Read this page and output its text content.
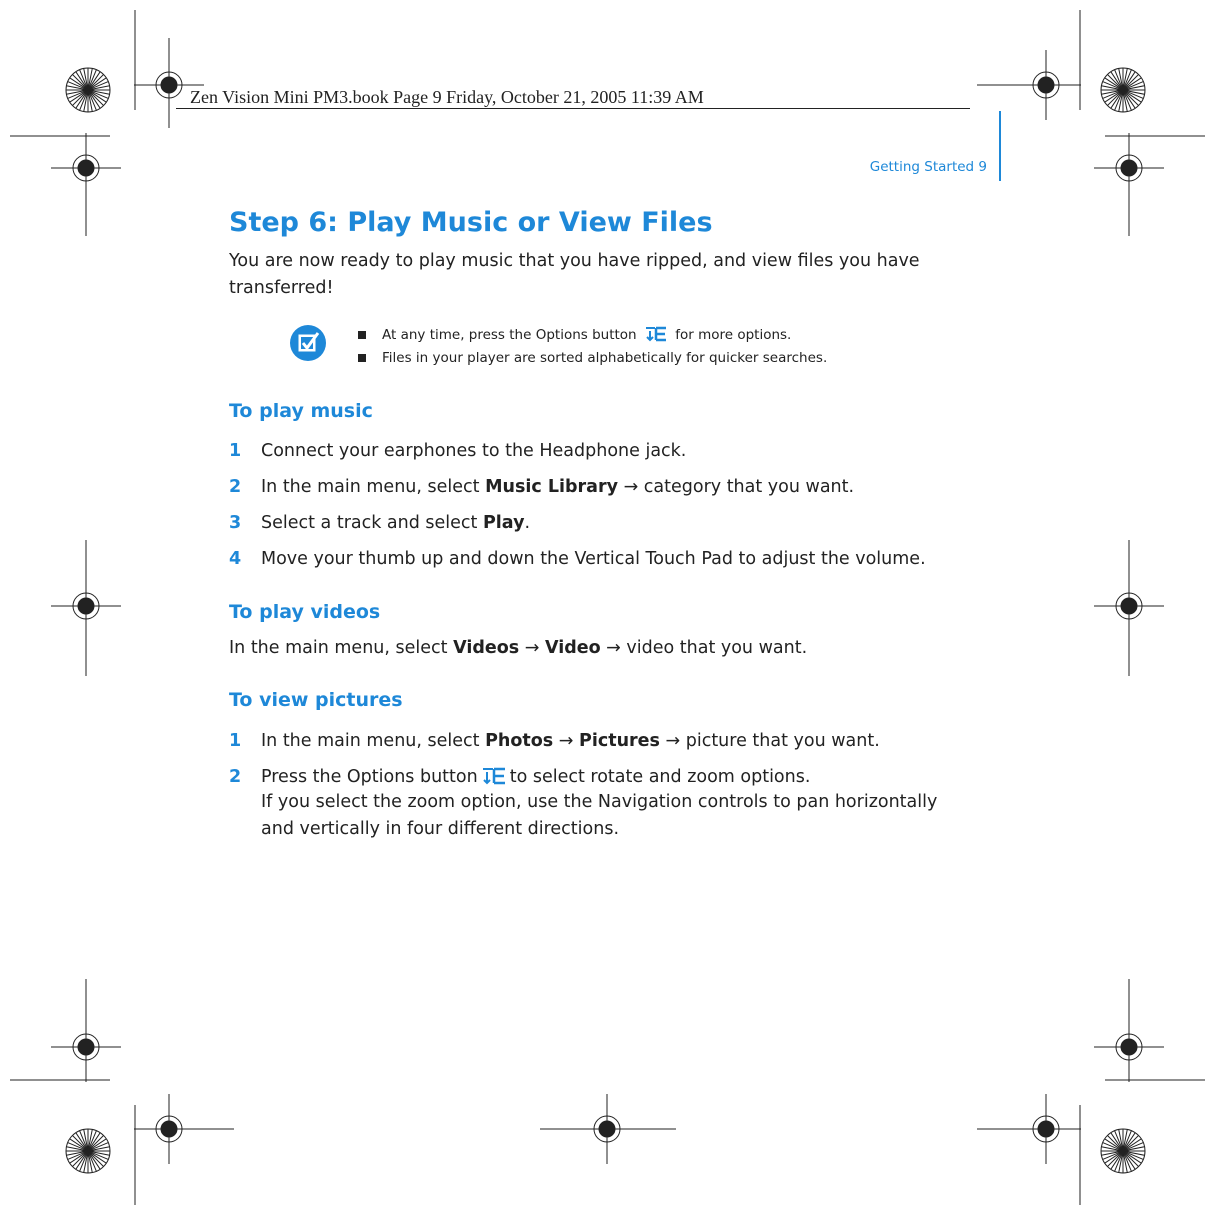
Zen Vision Mini PM3.book Page 9 Friday, October 21, 2005 11:39 AM
Getting Started 9
Step 6: Play Music or View Files

You are now ready to play music that you have ripped, and view files you have transferred!

At any time, press the Options button	for more options.
Files in your player are sorted alphabetically for quicker searches.
To play music
1 Connect your earphones to the Headphone jack.
2 In the main menu, select Music Library → category that you want.
3 Select a track and select Play.
4 Move your thumb up and down the Vertical Touch Pad to adjust the volume.
To play videos
In the main menu, select Videos → Video → video that you want.
To view pictures
1 In the main menu, select Photos → Pictures → picture that you want.
2 Press the Options button to select rotate and zoom options.
If you select the zoom option, use the Navigation controls to pan horizontally
and vertically in four different directions.
